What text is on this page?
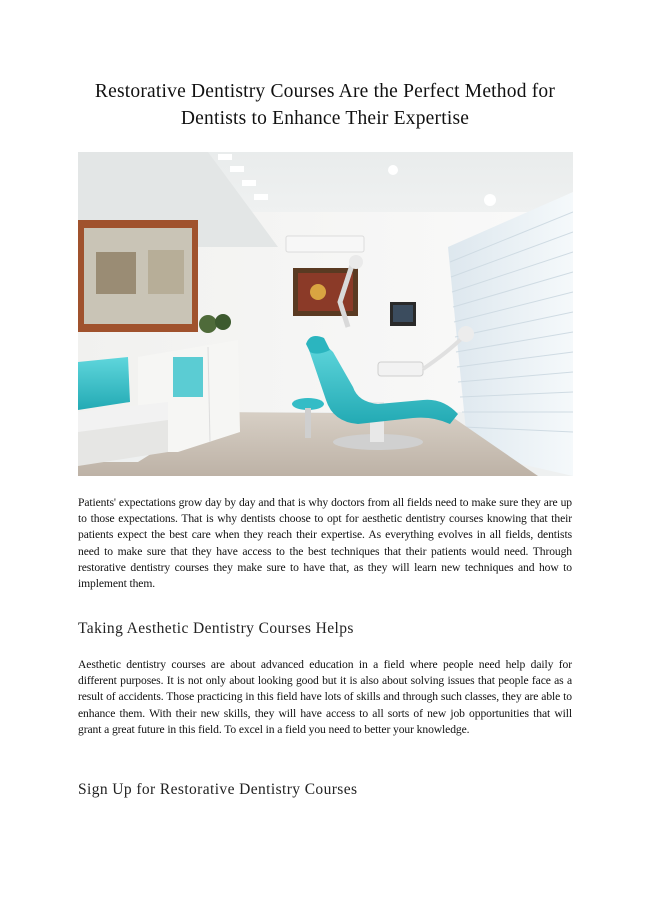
Restorative Dentistry Courses Are the Perfect Method for Dentists to Enhance Their Expertise

Patients' expectations grow day by day and that is why doctors from all fields need to make sure they are up to those expectations. That is why dentists choose to opt for aesthetic dentistry courses knowing that their patients expect the best care when they reach their expertise. As everything evolves in all fields, dentists need to make sure that they have access to the best techniques that their patients would need. Through restorative dentistry courses they make sure to have that, as they will learn new techniques and how to implement them.

Taking Aesthetic Dentistry Courses Helps

Aesthetic dentistry courses are about advanced education in a field where people need help daily for different purposes. It is not only about looking good but it is also about solving issues that people face as a result of accidents. Those practicing in this field have lots of skills and through such classes, they are able to enhance them. With their new skills, they will have access to all sorts of new job opportunities that will grant a great future in this field. To excel in a field you need to better your knowledge.

Sign Up for Restorative Dentistry Courses
